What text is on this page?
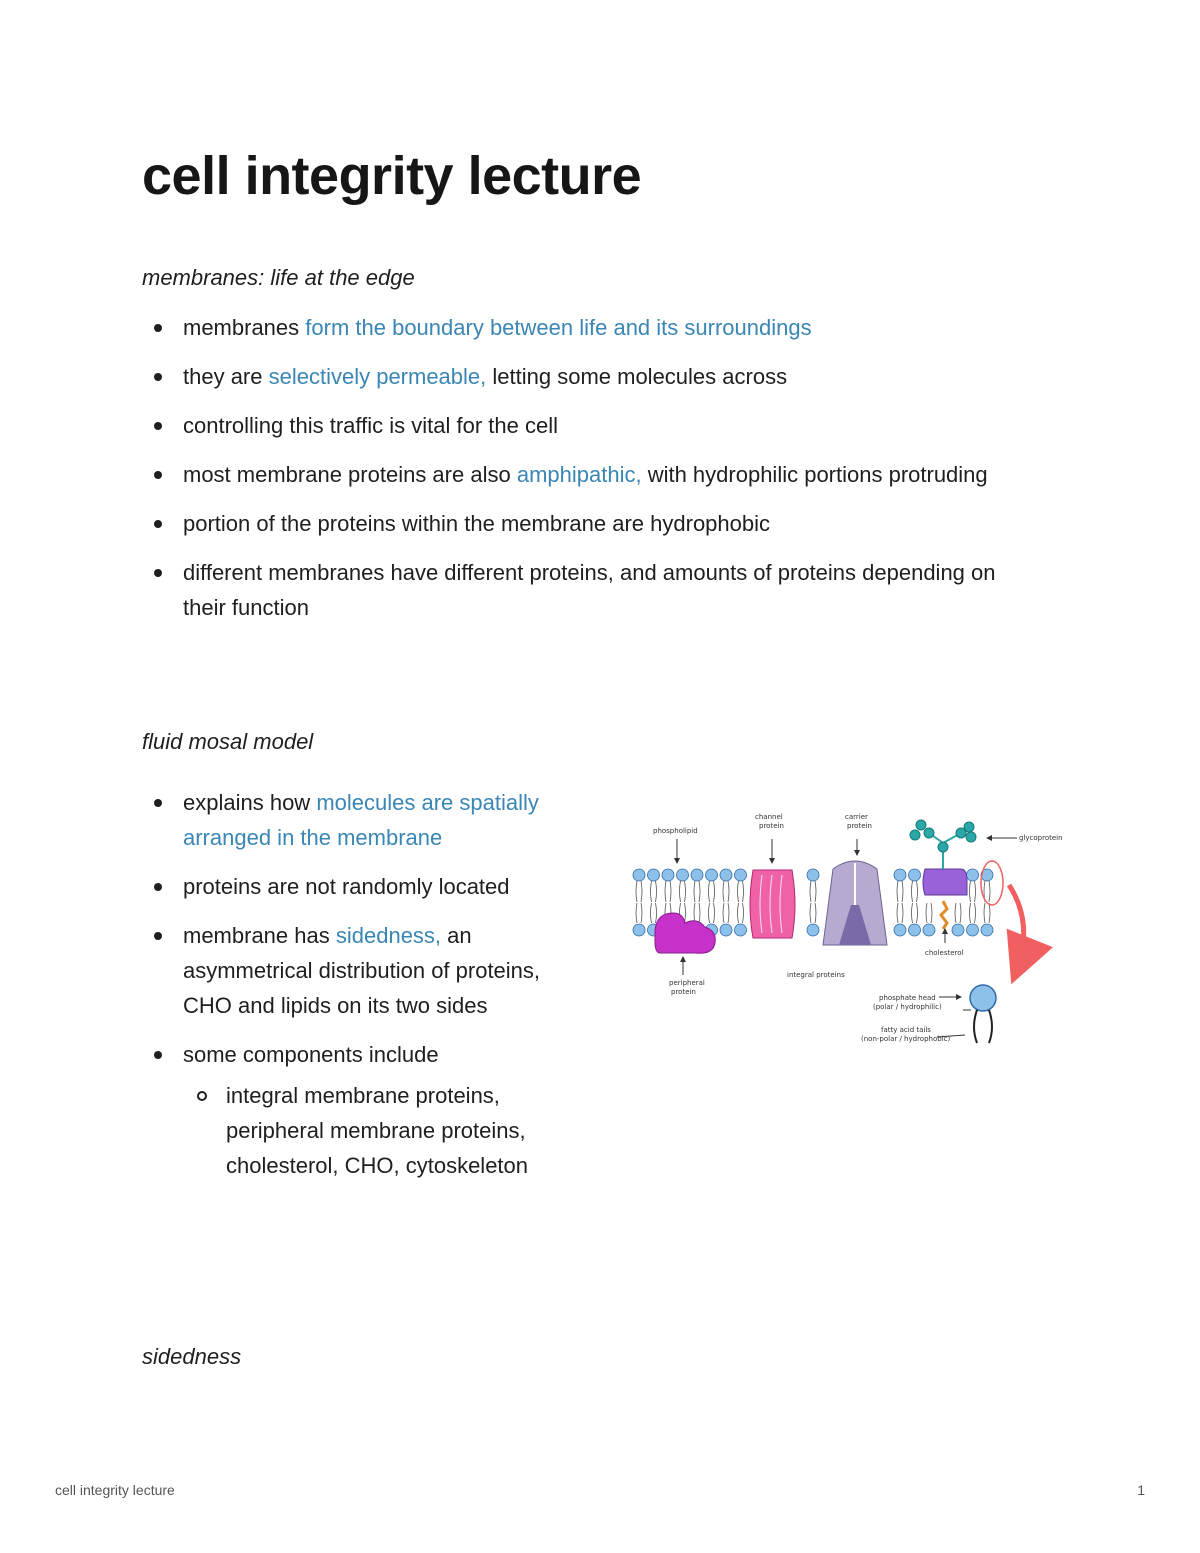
cell integrity lecture
membranes: life at the edge
membranes form the boundary between life and its surroundings
they are selectively permeable, letting some molecules across
controlling this traffic is vital for the cell
most membrane proteins are also amphipathic, with hydrophilic portions protruding
portion of the proteins within the membrane are hydrophobic
different membranes have different proteins, and amounts of proteins depending on their function
fluid mosal model
explains how molecules are spatially arranged in the membrane
proteins are not randomly located
membrane has sidedness, an asymmetrical distribution of proteins, CHO and lipids on its two sides
some components include
integral membrane proteins, peripheral membrane proteins, cholesterol, CHO, cytoskeleton
sidedness
phospholipid
channel protein
carrier protein
glycoprotein
cholesterol
peripheral protein
integral proteins
phosphate head (polar / hydrophilic)
fatty acid tails (non-polar / hydrophobic)
cell integrity lecture	1
